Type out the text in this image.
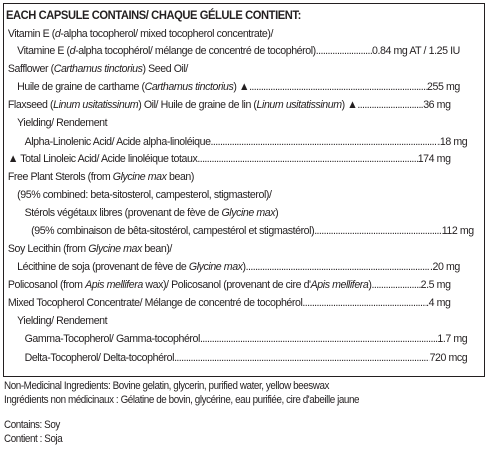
EACH CAPSULE CONTAINS/ CHAQUE GÉLULE CONTIENT:
Vitamin E (d-alpha tocopherol/ mixed tocopherol concentrate)/
Vitamine E (d-alpha tocophérol/ mélange de concentré de tocophérol) . . .	0.84 mg AT / 1.25 IU
Safflower (Carthamus tinctorius) Seed Oil/
Huile de graine de carthame (Carthamus tinctorius) ▲ . . .	255 mg
Flaxseed (Linum usitatissinum) Oil/ Huile de graine de lin (Linum usitatissinum) ▲ . . .	.36 mg
Yielding/ Rendement
Alpha-Linolenic Acid/ Acide alpha-linoléique . . .	.18 mg
▲ Total Linoleic Acid/ Acide linoléique totaux . . .	174 mg
Free Plant Sterols (from Glycine max bean)
(95% combined: beta-sitosterol, campesterol, stigmasterol)/
Stérols végétaux libres (provenant de fève de Glycine max)
(95% combinaison de bêta-sitostérol, campestérol et stigmastérol) . . .	112 mg
Soy Lecithin (from Glycine max bean)/
Lécithine de soja (provenant de fève de Glycine max) . . .	.20 mg
Policosanol (from Apis mellifera wax)/ Policosanol (provenant de cire d'Apis mellifera) . . .	2.5 mg
Mixed Tocopherol Concentrate/ Mélange de concentré de tocophérol . . .	.4 mg
Yielding/ Rendement
Gamma-Tocopherol/ Gamma-tocophérol . . .	1.7 mg
Delta-Tocopherol/ Delta-tocophérol . . .	720 mcg
Non-Medicinal Ingredients: Bovine gelatin, glycerin, purified water, yellow beeswax
Ingrédients non médicinaux : Gélatine de bovin, glycérine, eau purifiée, cire d'abeille jaune
Contains: Soy
Contient : Soja
